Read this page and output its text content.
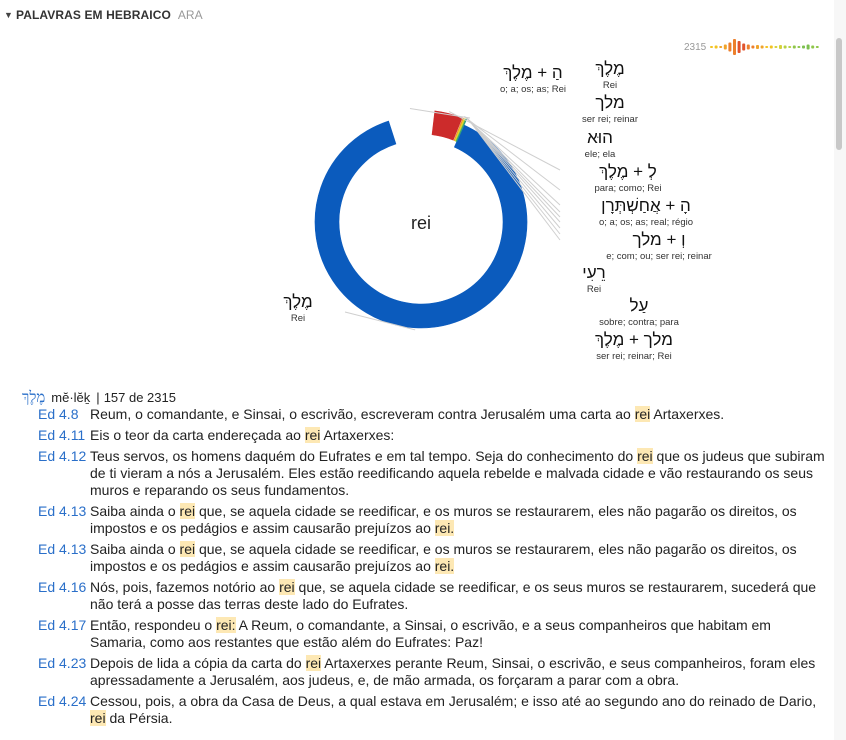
▼ PALAVRAS EM HEBRAICO ARA
2315
rei
מֶלֶךְ
Rei
הַ + מֶלֶךְ
o; a; os; as; Rei
מֶלֶךְ
Rei
מלך
ser rei; reinar
הוּא
ele; ela
לְ + מֶלֶךְ
para; como; Rei
הָ + אֲחַשְׁתְּרָן
o; a; os; as; real; régio
וְ + מלך
e; com; ou; ser rei; reinar
רֵעִי
Rei
עַל
sobre; contra; para
מלך + מֶלֶךְ
ser rei; reinar; Rei
מֶלֶךְ mĕ·lĕḵ | 157 de 2315
Ed 4.8 Reum, o comandante, e Sinsai, o escrivão, escreveram contra Jerusalém uma carta ao rei Artaxerxes.
Ed 4.11 Eis o teor da carta endereçada ao rei Artaxerxes:
Ed 4.12 Teus servos, os homens daquém do Eufrates e em tal tempo. Seja do conhecimento do rei que os judeus que subiram de ti vieram a nós a Jerusalém. Eles estão reedificando aquela rebelde e malvada cidade e vão restaurando os seus muros e reparando os seus fundamentos.
Ed 4.13 Saiba ainda o rei que, se aquela cidade se reedificar, e os muros se restaurarem, eles não pagarão os direitos, os impostos e os pedágios e assim causarão prejuízos ao rei.
Ed 4.13 Saiba ainda o rei que, se aquela cidade se reedificar, e os muros se restaurarem, eles não pagarão os direitos, os impostos e os pedágios e assim causarão prejuízos ao rei.
Ed 4.16 Nós, pois, fazemos notório ao rei que, se aquela cidade se reedificar, e os seus muros se restaurarem, sucederá que não terá a posse das terras deste lado do Eufrates.
Ed 4.17 Então, respondeu o rei: A Reum, o comandante, a Sinsai, o escrivão, e a seus companheiros que habitam em Samaria, como aos restantes que estão além do Eufrates: Paz!
Ed 4.23 Depois de lida a cópia da carta do rei Artaxerxes perante Reum, Sinsai, o escrivão, e seus companheiros, foram eles apressadamente a Jerusalém, aos judeus, e, de mão armada, os forçaram a parar com a obra.
Ed 4.24 Cessou, pois, a obra da Casa de Deus, a qual estava em Jerusalém; e isso até ao segundo ano do reinado de Dario, rei da Pérsia.
